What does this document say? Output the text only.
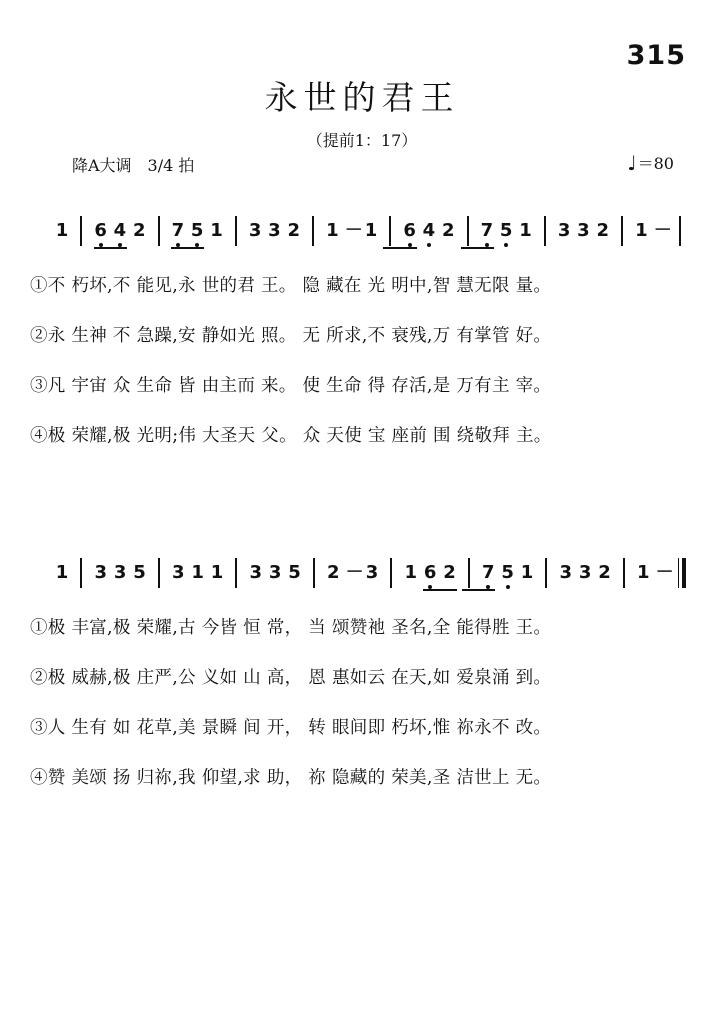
315
永世的君王
（提前1：17）
降A大调　3/4 拍	♩ ＝80
1 6 4 2 7 5 1 3 3 2 1 － 1 6 4 2 7 5 1 3 3 2 1 －
①不 朽坏,不 能见,永 世的君 王。 隐 藏在 光 明中,智 慧无限 量。
②永 生神 不 急躁,安 静如光 照。 无 所求,不 衰残,万 有掌管 好。
③凡 宇宙 众 生命 皆 由主而 来。 使 生命 得 存活,是 万有主 宰。
④极 荣耀,极 光明;伟 大圣天 父。 众 天使 宝 座前 围 绕敬拜 主。
1 3 3 5 3 1 1 3 3 5 2 － 3 1 6 2 7 5 1 3 3 2 1 －
①极 丰富,极 荣耀,古 今皆 恒 常， 当 颂赞祂 圣名,全 能得胜 王。
②极 威赫,极 庄严,公 义如 山 高， 恩 惠如云 在天,如 爱泉涌 到。
③人 生有 如 花草,美 景瞬 间 开， 转 眼间即 朽坏,惟 祢永不 改。
④赞 美颂 扬 归祢,我 仰望,求 助， 祢 隐藏的 荣美,圣 洁世上 无。
